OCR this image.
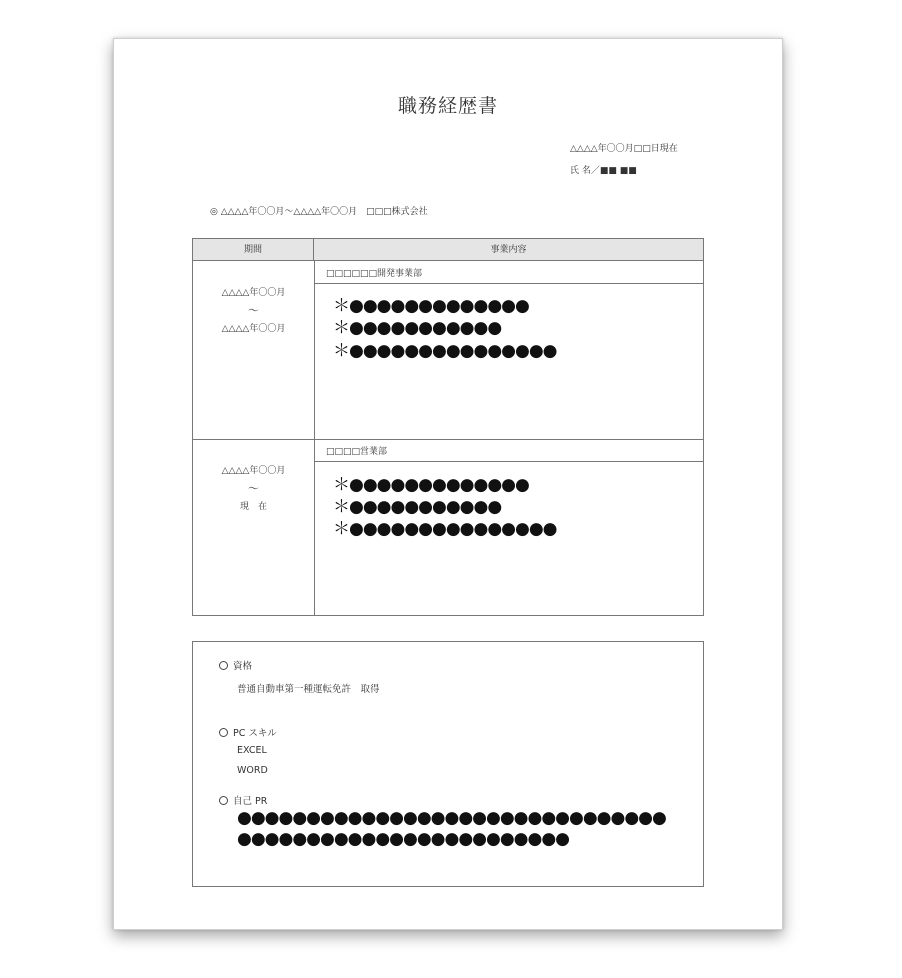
職務経歴書
△△△△年〇〇月□□日現在
氏 名／■■ ■■
◎ △△△△年〇〇月～△△△△年〇〇月　□□□株式会社
期間	事業内容
□□□□□□開発事業部
△△△△年〇〇月
～
△△△△年〇〇月
＊●●●●●●●●●●●●●
＊●●●●●●●●●●●
＊●●●●●●●●●●●●●●●
□□□□営業部
△△△△年〇〇月
～
現　在
＊●●●●●●●●●●●●●
＊●●●●●●●●●●●
＊●●●●●●●●●●●●●●●
資格
普通自動車第一種運転免許　取得
PC スキル
EXCEL
WORD
自己 PR
●●●●●●●●●●●●●●●●●●●●●●●●●●●●●●●
●●●●●●●●●●●●●●●●●●●●●●●●
